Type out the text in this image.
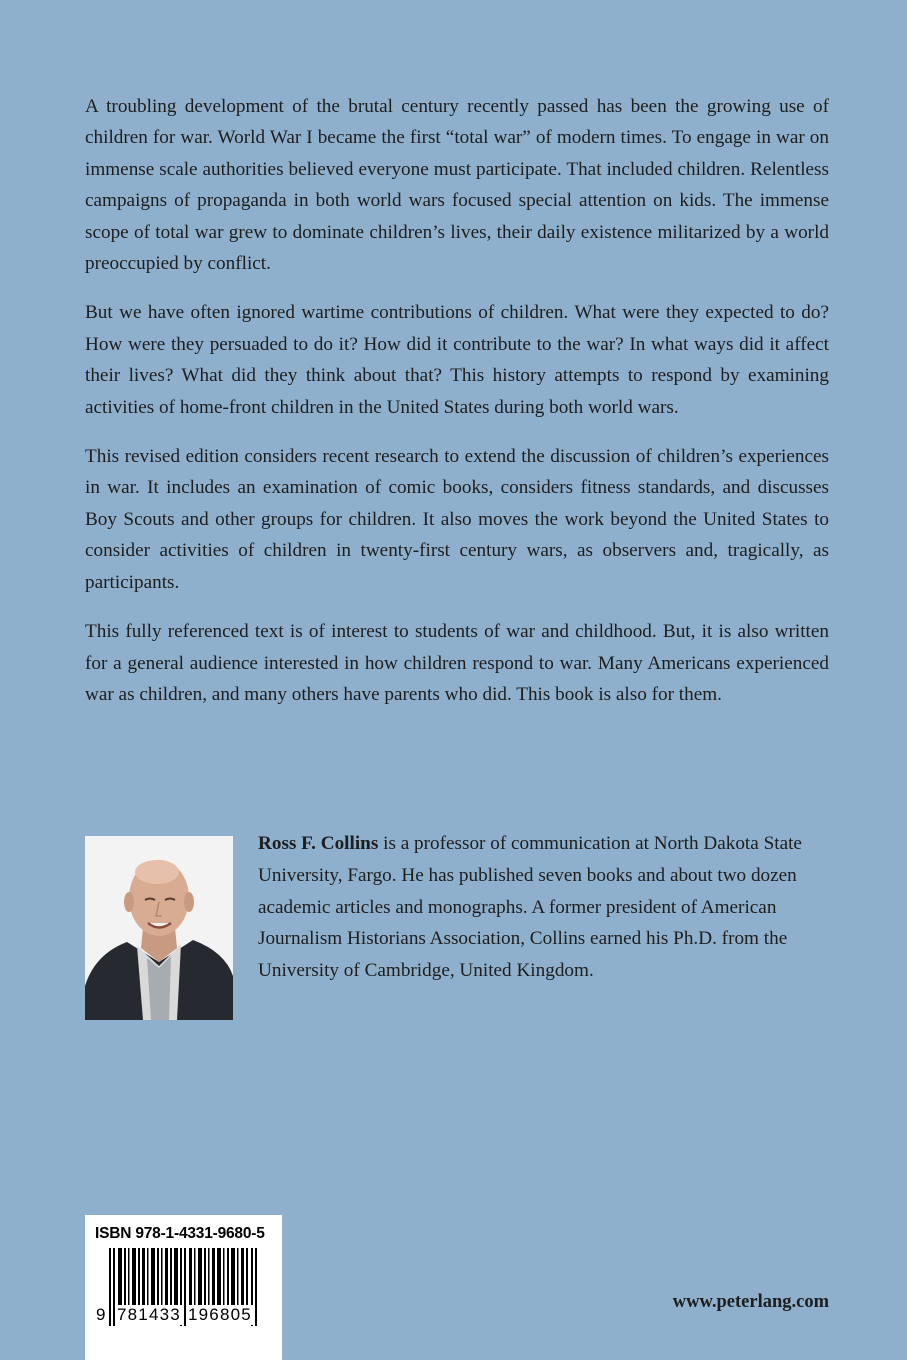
A troubling development of the brutal century recently passed has been the growing use of children for war. World War I became the first “total war” of modern times. To engage in war on immense scale authorities believed everyone must participate. That included children. Relentless campaigns of propaganda in both world wars focused special attention on kids. The immense scope of total war grew to dominate children’s lives, their daily existence militarized by a world preoccupied by conflict.

But we have often ignored wartime contributions of children. What were they expected to do? How were they persuaded to do it? How did it contribute to the war? In what ways did it affect their lives? What did they think about that? This history attempts to respond by examining activities of home-front children in the United States during both world wars.

This revised edition considers recent research to extend the discussion of children’s experiences in war. It includes an examination of comic books, considers fitness standards, and discusses Boy Scouts and other groups for children. It also moves the work beyond the United States to consider activities of children in twenty-first century wars, as observers and, tragically, as participants.

This fully referenced text is of interest to students of war and childhood. But, it is also written for a general audience interested in how children respond to war. Many Americans experienced war as children, and many others have parents who did. This book is also for them.

Ross F. Collins is a professor of communication at North Dakota State University, Fargo. He has published seven books and about two dozen academic articles and monographs. A former president of American Journalism Historians Association, Collins earned his Ph.D. from the University of Cambridge, United Kingdom.
ISBN 978-1-4331-9680-5
9 781433 196805
www.peterlang.com
